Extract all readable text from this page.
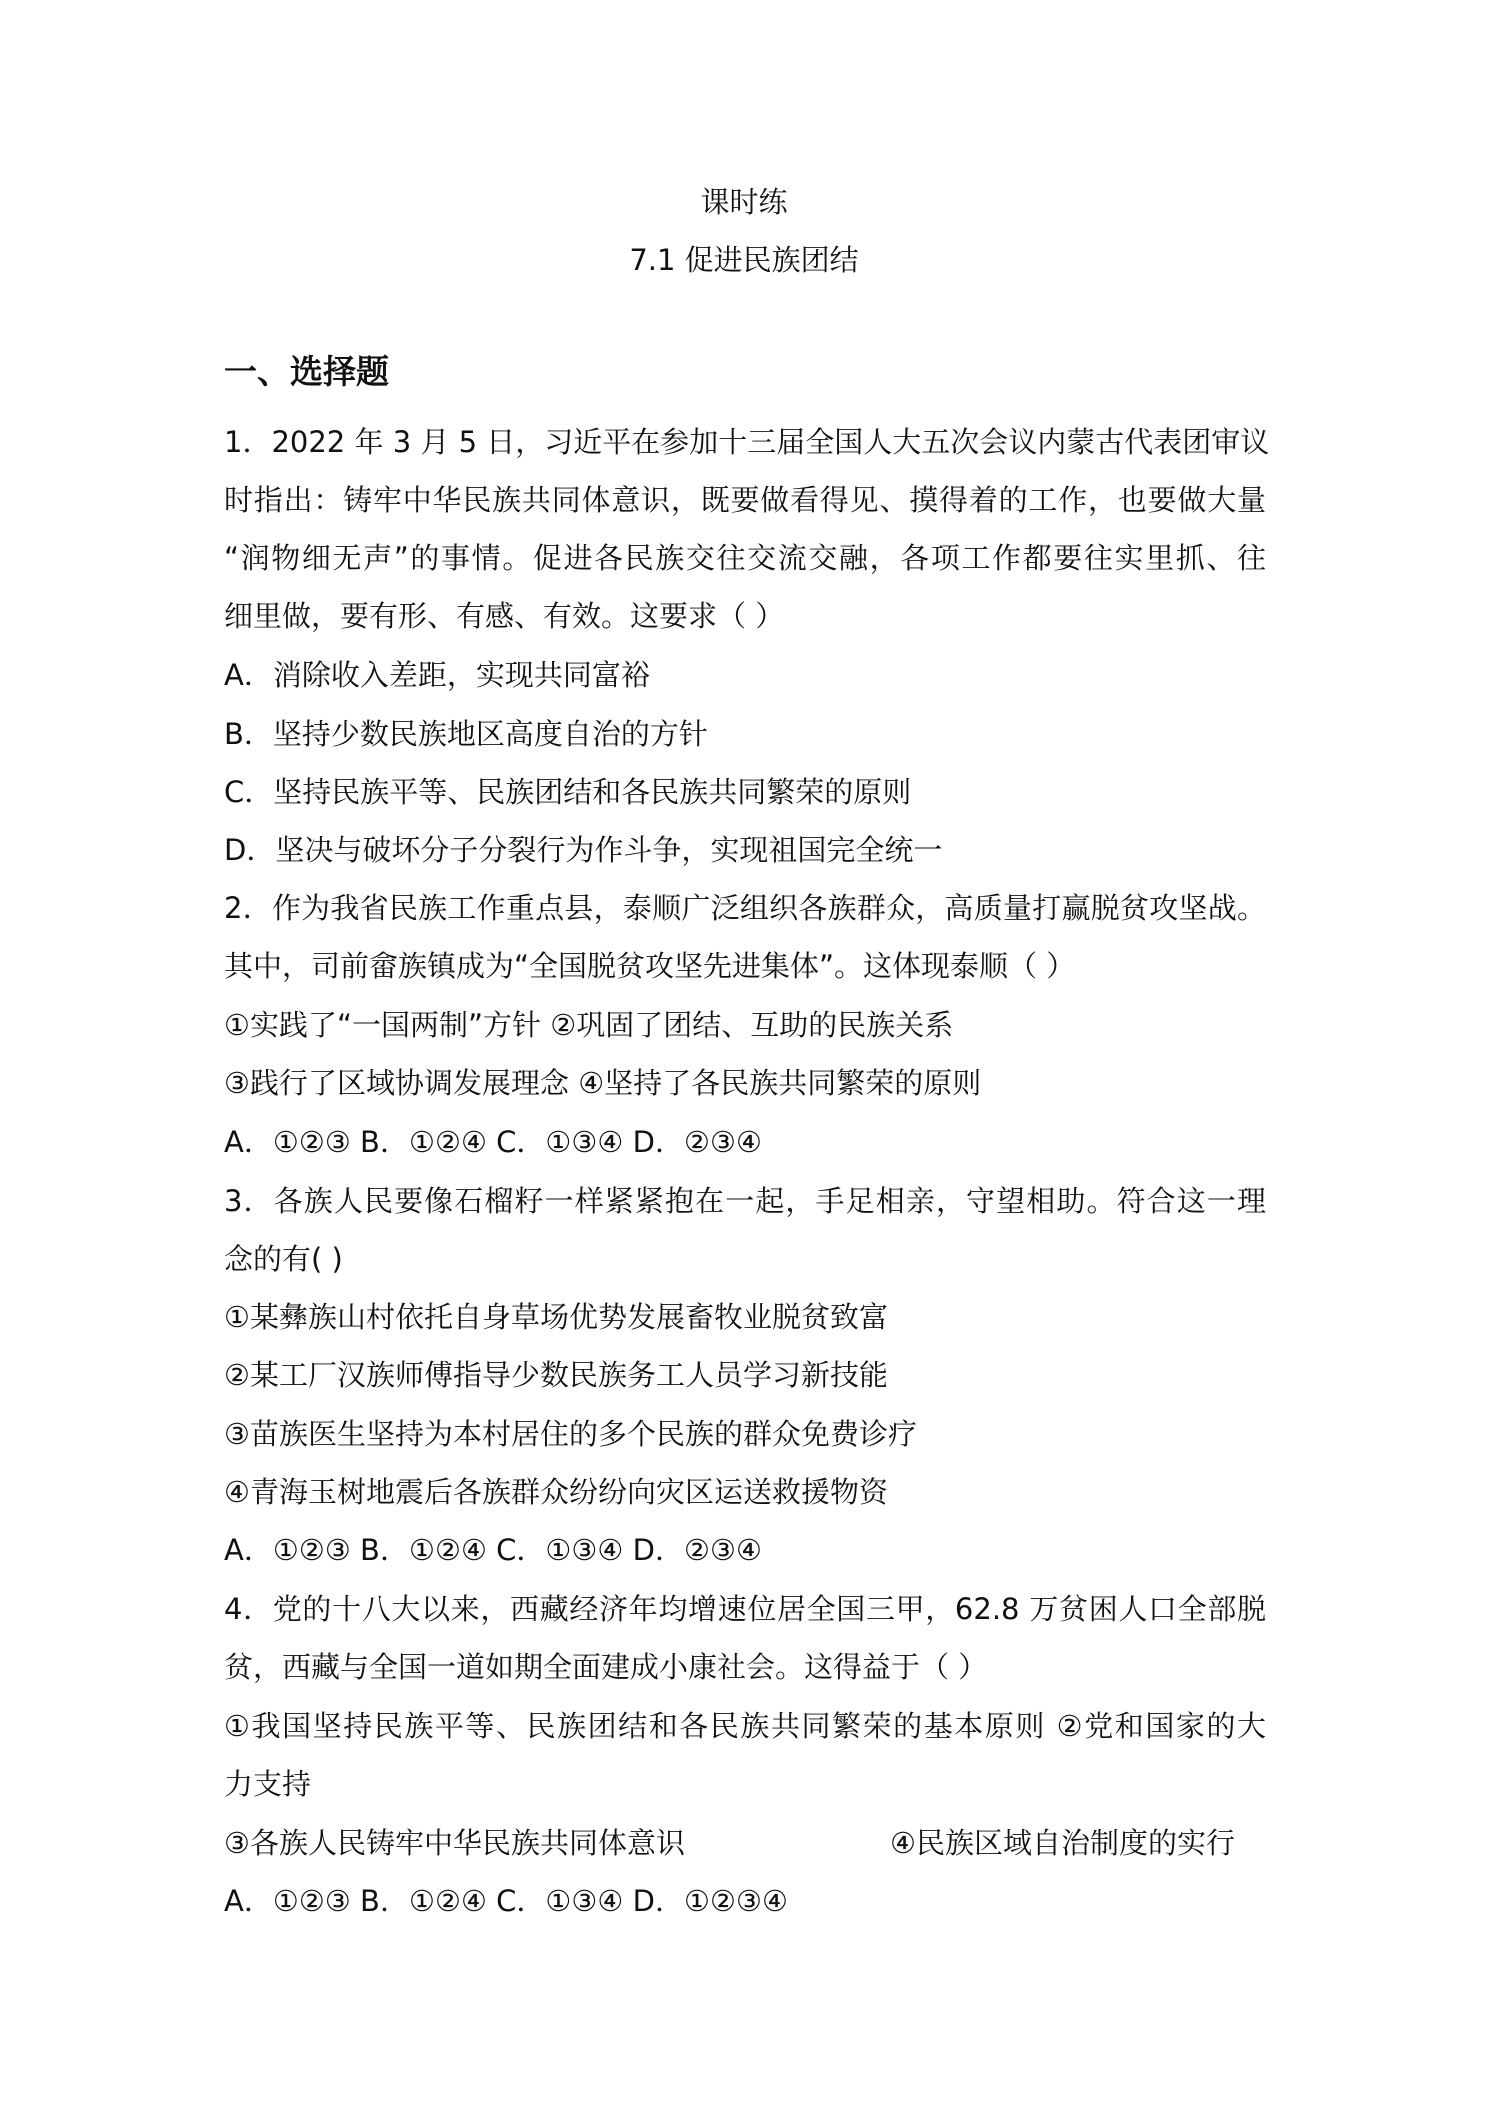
课时练
7.1 促进民族团结
一、选择题
1．2022 年 3 月 5 日，习近平在参加十三届全国人大五次会议内蒙古代表团审议
时指出：铸牢中华民族共同体意识，既要做看得见、摸得着的工作，也要做大量
“润物细无声”的事情。促进各民族交往交流交融，各项工作都要往实里抓、往
细里做，要有形、有感、有效。这要求（ ）
A．消除收入差距，实现共同富裕
B．坚持少数民族地区高度自治的方针
C．坚持民族平等、民族团结和各民族共同繁荣的原则
D．坚决与破坏分子分裂行为作斗争，实现祖国完全统一
2．作为我省民族工作重点县，泰顺广泛组织各族群众，高质量打赢脱贫攻坚战。
其中，司前畲族镇成为“全国脱贫攻坚先进集体”。这体现泰顺（ ）
①实践了“一国两制”方针 ②巩固了团结、互助的民族关系
③践行了区域协调发展理念 ④坚持了各民族共同繁荣的原则
A．①②③ B．①②④ C．①③④ D．②③④
3．各族人民要像石榴籽一样紧紧抱在一起，手足相亲，守望相助。符合这一理
念的有( )
①某彝族山村依托自身草场优势发展畜牧业脱贫致富
②某工厂汉族师傅指导少数民族务工人员学习新技能
③苗族医生坚持为本村居住的多个民族的群众免费诊疗
④青海玉树地震后各族群众纷纷向灾区运送救援物资
A．①②③ B．①②④ C．①③④ D．②③④
4．党的十八大以来，西藏经济年均增速位居全国三甲，62.8 万贫困人口全部脱
贫，西藏与全国一道如期全面建成小康社会。这得益于（ ）
①我国坚持民族平等、民族团结和各民族共同繁荣的基本原则 ②党和国家的大
力支持
③各族人民铸牢中华民族共同体意识	④民族区域自治制度的实行
A．①②③ B．①②④ C．①③④ D．①②③④
